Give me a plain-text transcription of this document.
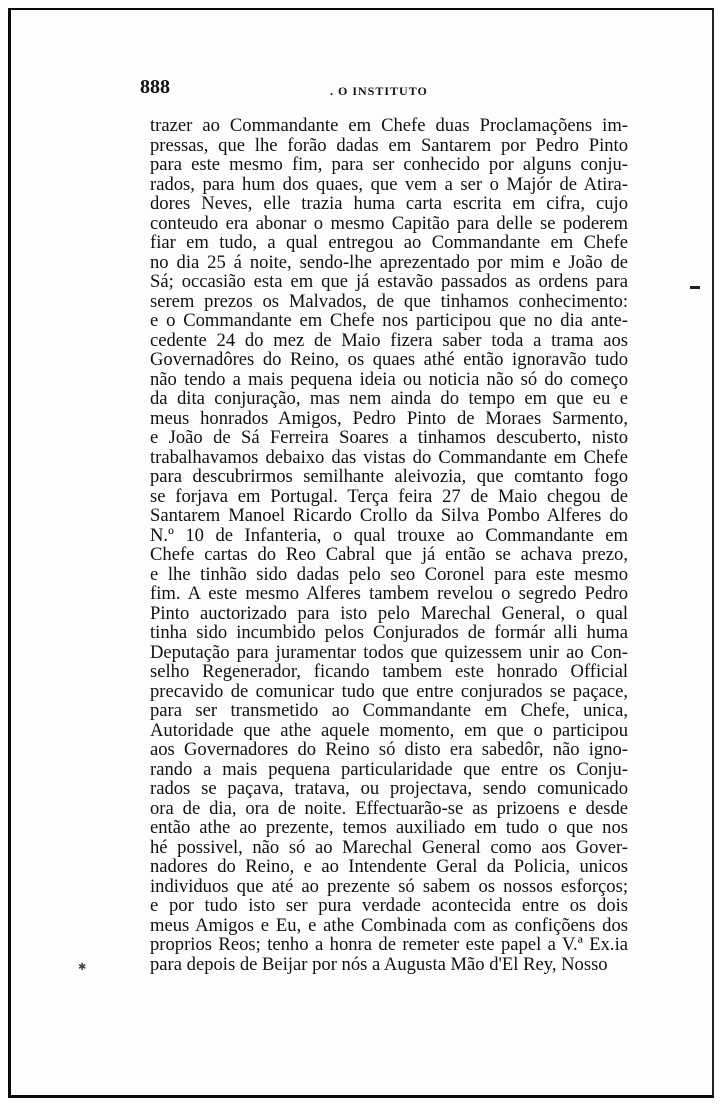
888	. O INSTITUTO
✱
trazer ao Commandante em Chefe duas Proclamaçõens im-
pressas, que lhe forão dadas em Santarem por Pedro Pinto
para este mesmo fim, para ser conhecido por alguns conju-
rados, para hum dos quaes, que vem a ser o Majór de Atira-
dores Neves, elle trazia huma carta escrita em cifra, cujo
conteudo era abonar o mesmo Capitão para delle se poderem
fiar em tudo, a qual entregou ao Commandante em Chefe
no dia 25 á noite, sendo-lhe aprezentado por mim e João de
Sá; occasião esta em que já estavão passados as ordens para
serem prezos os Malvados, de que tinhamos conhecimento:
e o Commandante em Chefe nos participou que no dia ante-
cedente 24 do mez de Maio fizera saber toda a trama aos
Governadôres do Reino, os quaes athé então ignoravão tudo
não tendo a mais pequena ideia ou noticia não só do começo
da dita conjuração, mas nem ainda do tempo em que eu e
meus honrados Amigos, Pedro Pinto de Moraes Sarmento,
e João de Sá Ferreira Soares a tinhamos descuberto, nisto
trabalhavamos debaixo das vistas do Commandante em Chefe
para descubrirmos semilhante aleivozia, que comtanto fogo
se forjava em Portugal. Terça feira 27 de Maio chegou de
Santarem Manoel Ricardo Crollo da Silva Pombo Alferes do
N.º 10 de Infanteria, o qual trouxe ao Commandante em
Chefe cartas do Reo Cabral que já então se achava prezo,
e lhe tinhão sido dadas pelo seo Coronel para este mesmo
fim. A este mesmo Alferes tambem revelou o segredo Pedro
Pinto auctorizado para isto pelo Marechal General, o qual
tinha sido incumbido pelos Conjurados de formár alli huma
Deputação para juramentar todos que quizessem unir ao Con-
selho Regenerador, ficando tambem este honrado Official
precavido de comunicar tudo que entre conjurados se paçace,
para ser transmetido ao Commandante em Chefe, unica,
Autoridade que athe aquele momento, em que o participou
aos Governadores do Reino só disto era sabedôr, não igno-
rando a mais pequena particularidade que entre os Conju-
rados se paçava, tratava, ou projectava, sendo comunicado
ora de dia, ora de noite. Effectuarão-se as prizoens e desde
então athe ao prezente, temos auxiliado em tudo o que nos
hé possivel, não só ao Marechal General como aos Gover-
nadores do Reino, e ao Intendente Geral da Policia, unicos
individuos que até ao prezente só sabem os nossos esforços;
e por tudo isto ser pura verdade acontecida entre os dois
meus Amigos e Eu, e athe Combinada com as confiçõens dos
proprios Reos; tenho a honra de remeter este papel a V.ª Ex.ia
para depois de Beijar por nós a Augusta Mão d'El Rey, Nosso
